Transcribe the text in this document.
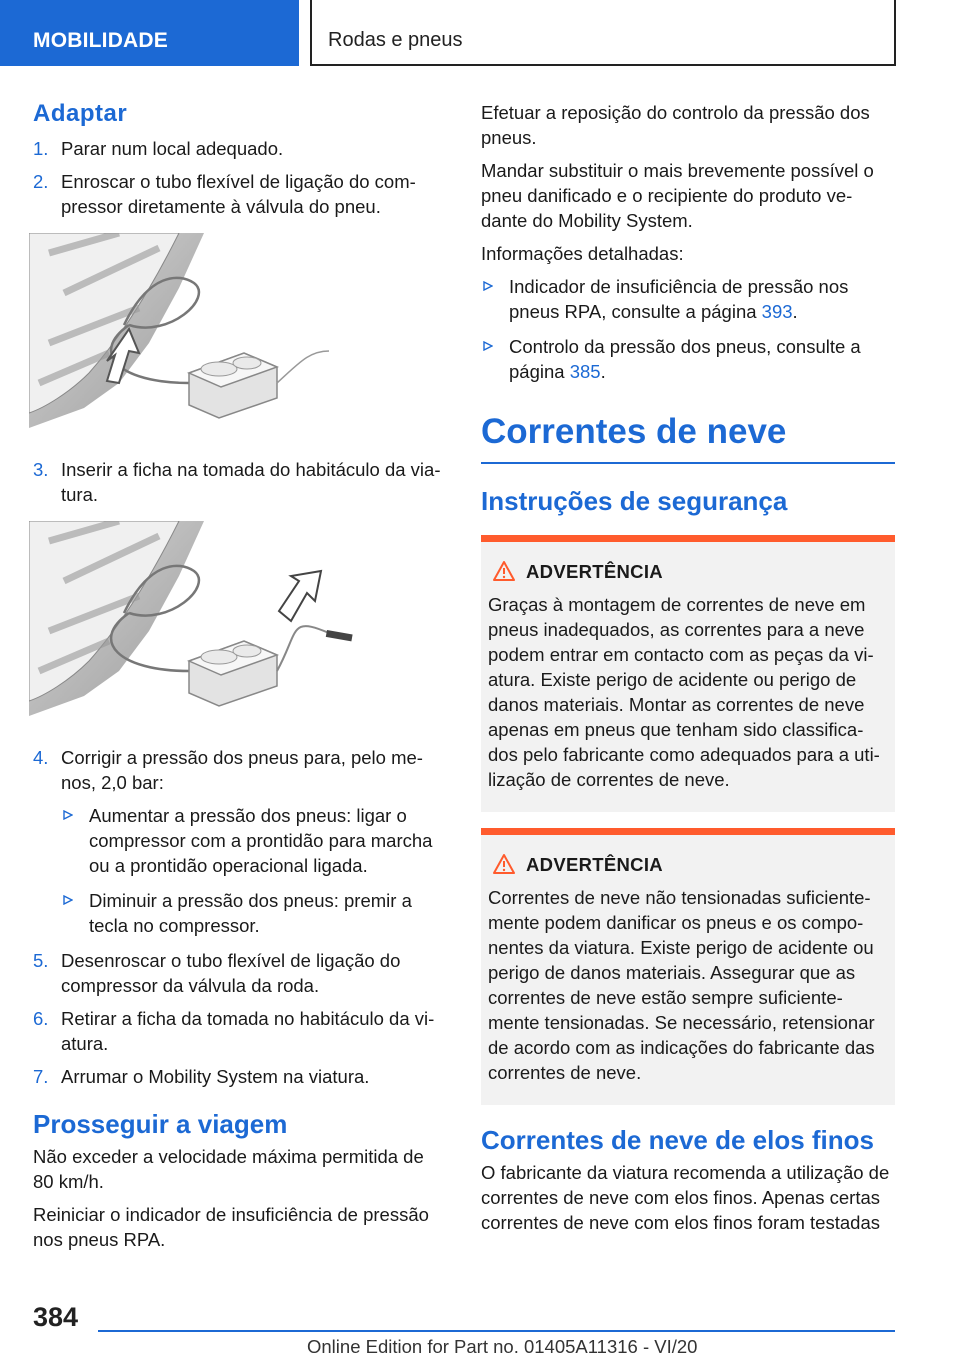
MOBILIDADE	Rodas e pneus
Adaptar
1. Parar num local adequado.
2. Enroscar o tubo flexível de ligação do com-pressor diretamente à válvula do pneu.
3. Inserir a ficha na tomada do habitáculo da via-tura.
4. Corrigir a pressão dos pneus para, pelo me-nos, 2,0 bar:
Aumentar a pressão dos pneus: ligar o compressor com a prontidão para marcha ou a prontidão operacional ligada.
Diminuir a pressão dos pneus: premir a tecla no compressor.
5. Desenroscar o tubo flexível de ligação do compressor da válvula da roda.
6. Retirar a ficha da tomada no habitáculo da vi-atura.
7. Arrumar o Mobility System na viatura.
Prosseguir a viagem

Não exceder a velocidade máxima permitida de 80 km/h.

Reiniciar o indicador de insuficiência de pressão nos pneus RPA.

Efetuar a reposição do controlo da pressão dos pneus.

Mandar substituir o mais brevemente possível o pneu danificado e o recipiente do produto ve-dante do Mobility System.

Informações detalhadas:

Indicador de insuficiência de pressão nos pneus RPA, consulte a página 393.
Controlo da pressão dos pneus, consulte a página 385.
Correntes de neve
Instruções de segurança
ADVERTÊNCIA
Graças à montagem de correntes de neve em pneus inadequados, as correntes para a neve podem entrar em contacto com as peças da vi-atura. Existe perigo de acidente ou perigo de danos materiais. Montar as correntes de neve apenas em pneus que tenham sido classifica-dos pelo fabricante como adequados para a uti-lização de correntes de neve.
ADVERTÊNCIA
Correntes de neve não tensionadas suficiente-mente podem danificar os pneus e os compo-nentes da viatura. Existe perigo de acidente ou perigo de danos materiais. Assegurar que as correntes de neve estão sempre suficiente-mente tensionadas. Se necessário, retensionar de acordo com as indicações do fabricante das correntes de neve.
Correntes de neve de elos finos

O fabricante da viatura recomenda a utilização de correntes de neve com elos finos. Apenas certas correntes de neve com elos finos foram testadas

384
Online Edition for Part no. 01405A11316 - VI/20
